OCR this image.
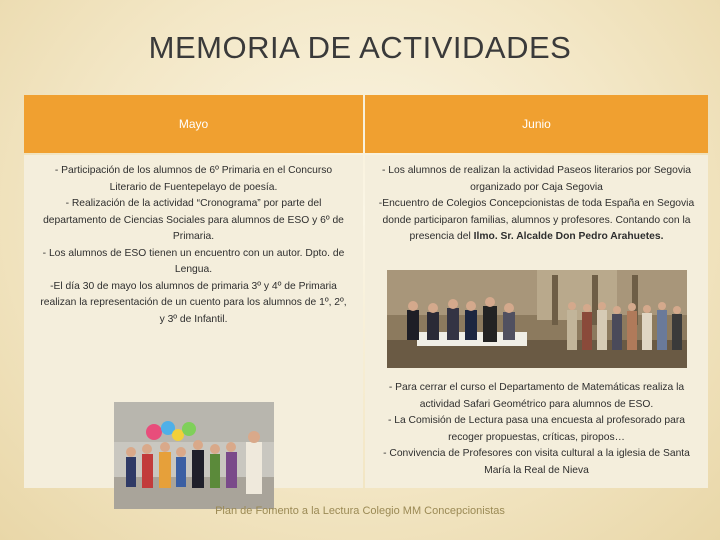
MEMORIA DE ACTIVIDADES
Mayo	Junio
- Participación de los alumnos de 6º Primaria en el Concurso
Literario de Fuentepelayo de poesía.
- Realización de la actividad “Cronograma” por parte del
departamento de Ciencias Sociales para alumnos de ESO y 6º de
Primaria.
- Los alumnos de ESO tienen un encuentro con un autor. Dpto. de
Lengua.
-El día 30 de mayo los alumnos de primaria 3º y 4º de Primaria
realizan la representación de un cuento para los alumnos de 1º, 2º,
y 3º de Infantil.
- Los alumnos de realizan la actividad Paseos literarios por Segovia
organizado por Caja Segovia
-Encuentro de Colegios Concepcionistas de toda España en Segovia
donde participaron familias, alumnos y profesores. Contando con la
presencia del Ilmo. Sr. Alcalde Don Pedro Arahuetes.
- Para cerrar el curso el Departamento de Matemáticas realiza la
actividad Safari Geométrico para alumnos de ESO.
- La Comisión de Lectura pasa una encuesta al profesorado para
recoger propuestas, críticas, piropos…
- Convivencia de Profesores con visita cultural a la iglesia de Santa
María la Real de Nieva
Plan de Fomento a la Lectura Colegio MM Concepcionistas
